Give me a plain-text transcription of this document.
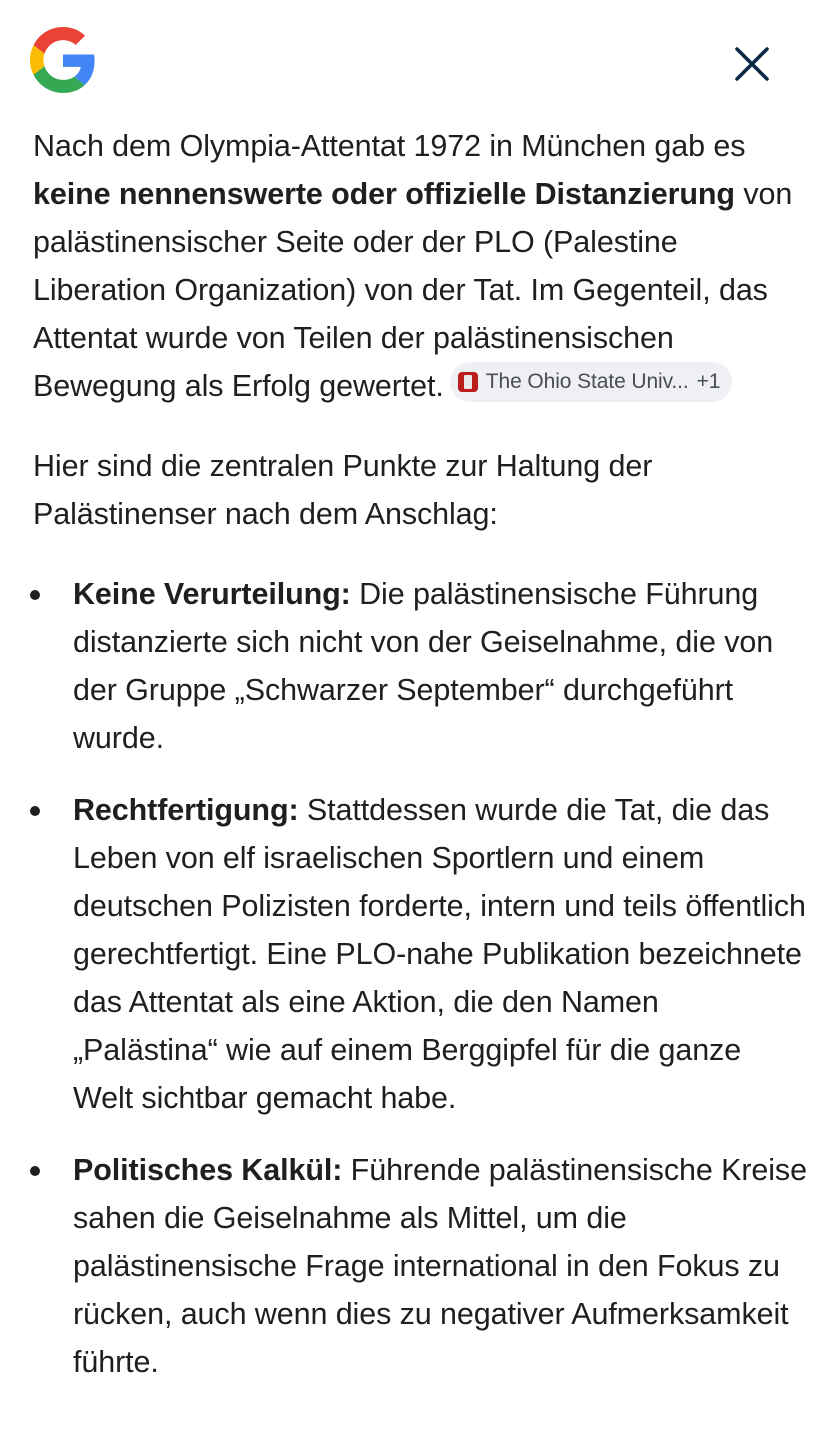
Nach dem Olympia-Attentat 1972 in München gab es keine nennenswerte oder offizielle Distanzierung von palästinensischer Seite oder der PLO (Palestine Liberation Organization) von der Tat. Im Gegenteil, das Attentat wurde von Teilen der palästinensischen Bewegung als Erfolg gewertet. The Ohio State Univ... +1

Hier sind die zentralen Punkte zur Haltung der Palästinenser nach dem Anschlag:

Keine Verurteilung: Die palästinensische Führung distanzierte sich nicht von der Geiselnahme, die von der Gruppe „Schwarzer September“ durchgeführt wurde.
Rechtfertigung: Stattdessen wurde die Tat, die das Leben von elf israelischen Sportlern und einem deutschen Polizisten forderte, intern und teils öffentlich gerechtfertigt. Eine PLO-nahe Publikation bezeichnete das Attentat als eine Aktion, die den Namen „Palästina“ wie auf einem Berggipfel für die ganze Welt sichtbar gemacht habe.
Politisches Kalkül: Führende palästinensische Kreise sahen die Geiselnahme als Mittel, um die palästinensische Frage international in den Fokus zu rücken, auch wenn dies zu negativer Aufmerksamkeit führte.
